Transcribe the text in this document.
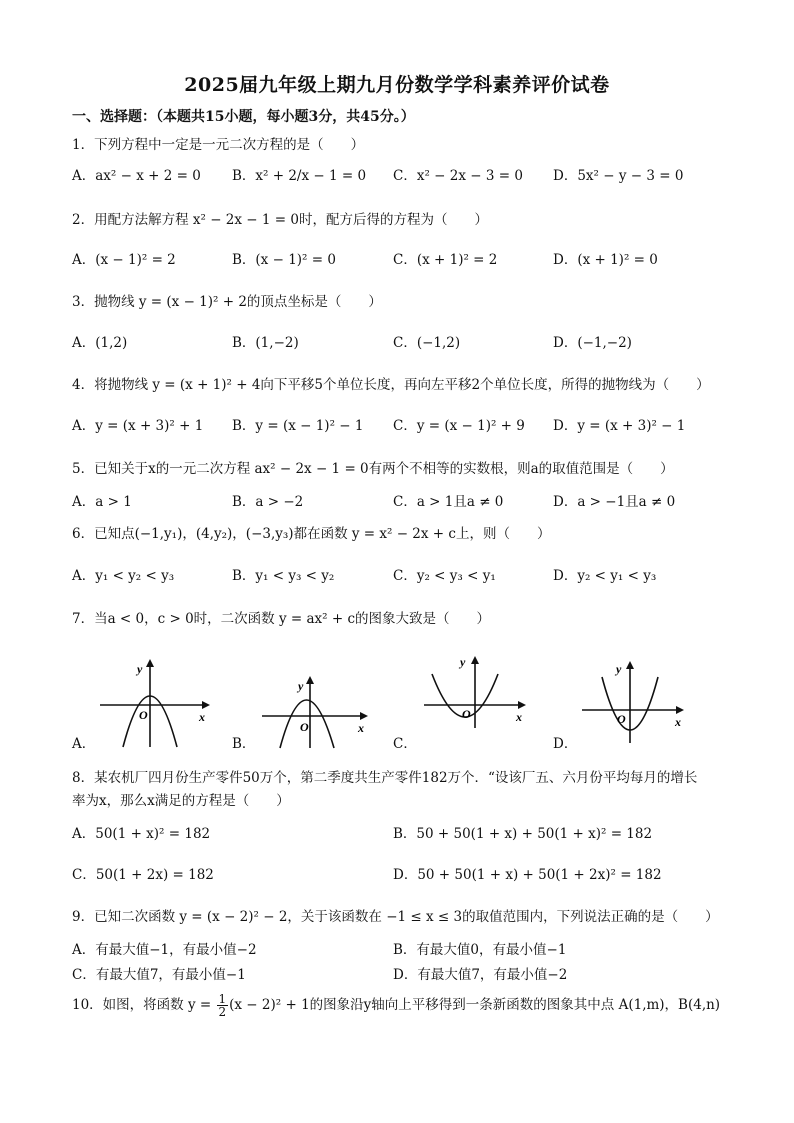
2025届九年级上期九月份数学学科素养评价试卷
一、选择题：（本题共15小题，每小题3分，共45分。）
1．下列方程中一定是一元二次方程的是（　　）
A．ax² − x + 2 = 0 B．x² + 2/x − 1 = 0 C．x² − 2x − 3 = 0 D．5x² − y − 3 = 0
2．用配方法解方程 x² − 2x − 1 = 0时，配方后得的方程为（　　）
A．(x − 1)² = 2	B．(x − 1)² = 0	C．(x + 1)² = 2	D．(x + 1)² = 0
3．抛物线 y = (x − 1)² + 2的顶点坐标是（　　）
A．(1,2)	B．(1,−2)	C．(−1,2)	D．(−1,−2)
4．将抛物线 y = (x + 1)² + 4向下平移5个单位长度，再向左平移2个单位长度，所得的抛物线为（　　）
A．y = (x + 3)² + 1 B．y = (x − 1)² − 1 C．y = (x − 1)² + 9 D．y = (x + 3)² − 1
5．已知关于x的一元二次方程 ax² − 2x − 1 = 0有两个不相等的实数根，则a的取值范围是（　　）
A．a > 1	B．a > −2	C．a > 1且a ≠ 0	D．a > −1且a ≠ 0
6．已知点(−1,y₁)，(4,y₂)，(−3,y₃)都在函数 y = x² − 2x + c上，则（　　）
A．y₁ < y₂ < y₃	B．y₁ < y₃ < y₂	C．y₂ < y₃ < y₁	D．y₂ < y₁ < y₃
7．当a < 0，c > 0时，二次函数 y = ax² + c的图象大致是（　　）
y
x
O
A．
y
x
O
B．
y
x
O
C．
y
x
O
D．
8．某农机厂四月份生产零件50万个，第二季度共生产零件182万个．“设该厂五、六月份平均每月的增长
率为x，那么x满足的方程是（　　）
A．50(1 + x)² = 182	B．50 + 50(1 + x) + 50(1 + x)² = 182
C．50(1 + 2x) = 182	D．50 + 50(1 + x) + 50(1 + 2x)² = 182
9．已知二次函数 y = (x − 2)² − 2，关于该函数在 −1 ≤ x ≤ 3的取值范围内，下列说法正确的是（　　）
A．有最大值−1，有最小值−2	B．有最大值0，有最小值−1
C．有最大值7，有最小值−1	D．有最大值7，有最小值−2
10．如图，将函数 $y = \frac{1}{2} (x - 2)^2 + 1$的图象沿y轴向上平移得到一条新函数的图象其中点 A(1,m)，B(4,n)
